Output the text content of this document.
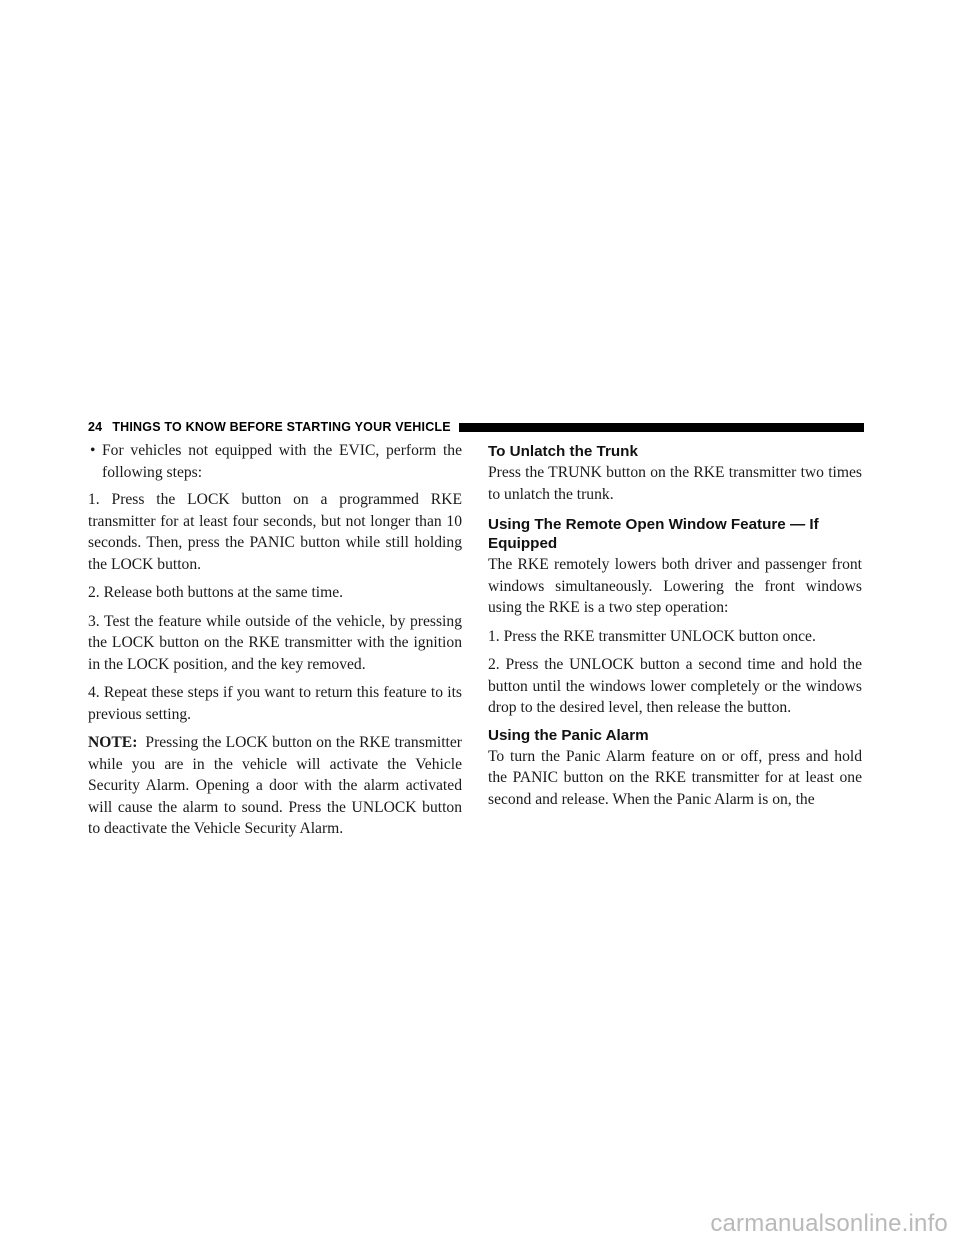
24 THINGS TO KNOW BEFORE STARTING YOUR VEHICLE
• For vehicles not equipped with the EVIC, perform the following steps:

1. Press the LOCK button on a programmed RKE transmitter for at least four seconds, but not longer than 10 seconds. Then, press the PANIC button while still holding the LOCK button.

2. Release both buttons at the same time.

3. Test the feature while outside of the vehicle, by pressing the LOCK button on the RKE transmitter with the ignition in the LOCK position, and the key removed.

4. Repeat these steps if you want to return this feature to its previous setting.

NOTE: Pressing the LOCK button on the RKE transmitter while you are in the vehicle will activate the Vehicle Security Alarm. Opening a door with the alarm activated will cause the alarm to sound. Press the UNLOCK button to deactivate the Vehicle Security Alarm.

To Unlatch the Trunk

Press the TRUNK button on the RKE transmitter two times to unlatch the trunk.

Using The Remote Open Window Feature — If Equipped

The RKE remotely lowers both driver and passenger front windows simultaneously. Lowering the front windows using the RKE is a two step operation:

1. Press the RKE transmitter UNLOCK button once.

2. Press the UNLOCK button a second time and hold the button until the windows lower completely or the windows drop to the desired level, then release the button.

Using the Panic Alarm

To turn the Panic Alarm feature on or off, press and hold the PANIC button on the RKE transmitter for at least one second and release. When the Panic Alarm is on, the

carmanualsonline.info
